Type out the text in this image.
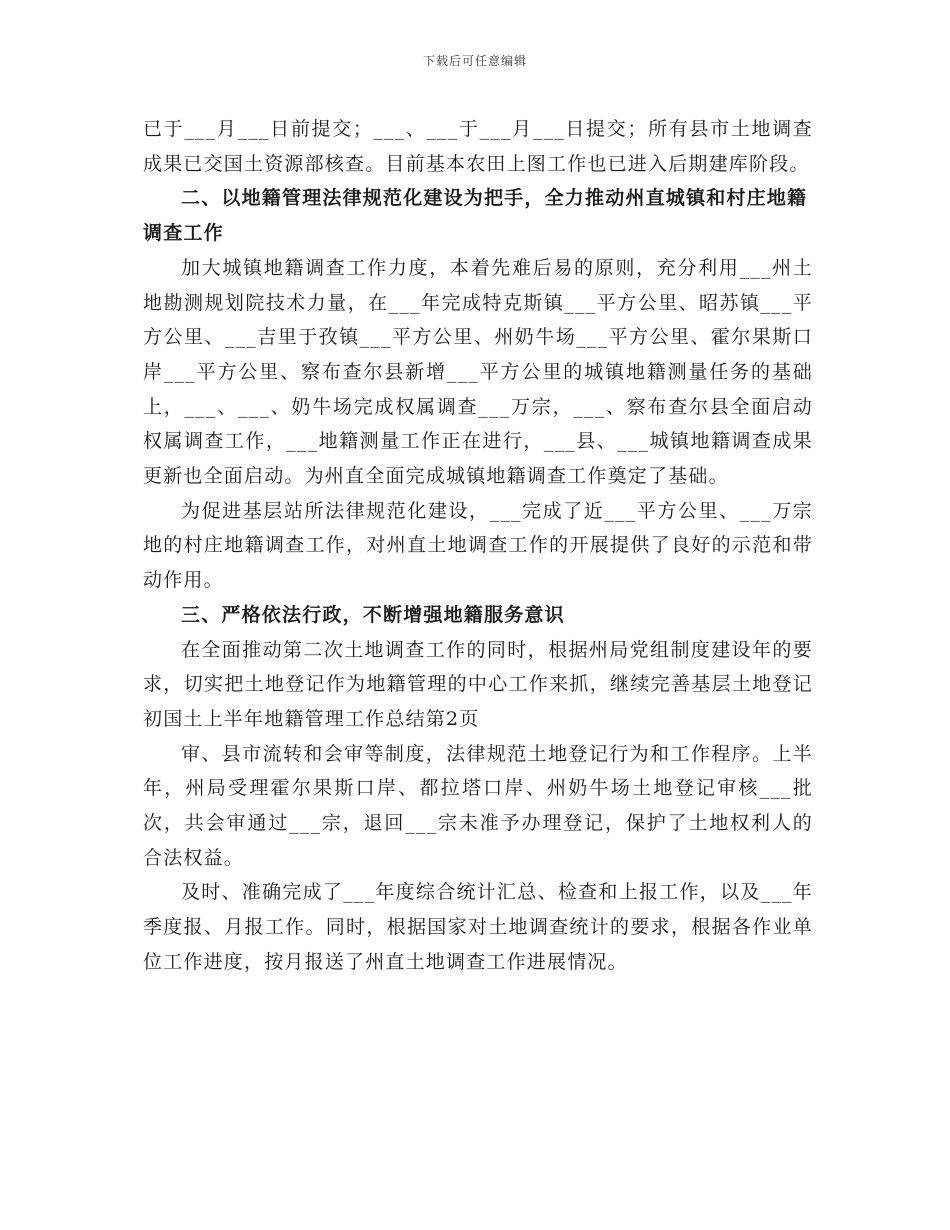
下载后可任意编辑

已于___月___日前提交；___、___于___月___日提交；所有县市土地调查成果已交国土资源部核查。目前基本农田上图工作也已进入后期建库阶段。

二、以地籍管理法律规范化建设为把手，全力推动州直城镇和村庄地籍调查工作

加大城镇地籍调查工作力度，本着先难后易的原则，充分利用___州土地勘测规划院技术力量，在___年完成特克斯镇___平方公里、昭苏镇___平方公里、___吉里于孜镇___平方公里、州奶牛场___平方公里、霍尔果斯口岸___平方公里、察布查尔县新增___平方公里的城镇地籍测量任务的基础上，___、___、奶牛场完成权属调查___万宗，___、察布查尔县全面启动权属调查工作，___地籍测量工作正在进行，___县、___城镇地籍调查成果更新也全面启动。为州直全面完成城镇地籍调查工作奠定了基础。

为促进基层站所法律规范化建设，___完成了近___平方公里、___万宗地的村庄地籍调查工作，对州直土地调查工作的开展提供了良好的示范和带动作用。

三、严格依法行政，不断增强地籍服务意识

在全面推动第二次土地调查工作的同时，根据州局党组制度建设年的要求，切实把土地登记作为地籍管理的中心工作来抓，继续完善基层土地登记初国土上半年地籍管理工作总结第2页

审、县市流转和会审等制度，法律规范土地登记行为和工作程序。上半年，州局受理霍尔果斯口岸、都拉塔口岸、州奶牛场土地登记审核___批次，共会审通过___宗，退回___宗未准予办理登记，保护了土地权利人的合法权益。

及时、准确完成了___年度综合统计汇总、检查和上报工作，以及___年季度报、月报工作。同时，根据国家对土地调查统计的要求，根据各作业单位工作进度，按月报送了州直土地调查工作进展情况。
